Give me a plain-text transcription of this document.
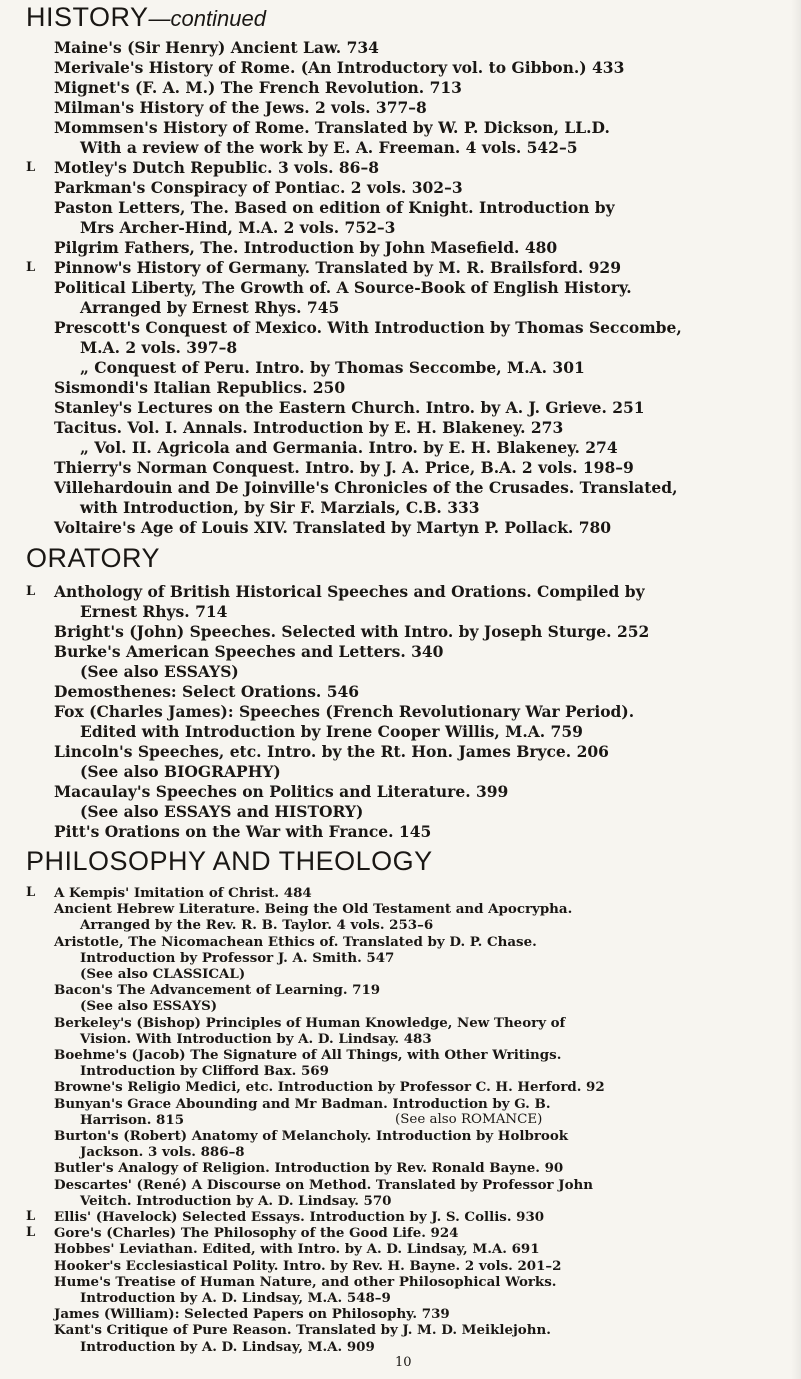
HISTORY—continued
Maine's (Sir Henry) Ancient Law. 734
Merivale's History of Rome. (An Introductory vol. to Gibbon.) 433
Mignet's (F. A. M.) The French Revolution. 713
Milman's History of the Jews. 2 vols. 377–8
Mommsen's History of Rome. Translated by W. P. Dickson, LL.D.
With a review of the work by E. A. Freeman. 4 vols. 542–5
L Motley's Dutch Republic. 3 vols. 86–8
Parkman's Conspiracy of Pontiac. 2 vols. 302–3
Paston Letters, The. Based on edition of Knight. Introduction by
Mrs Archer-Hind, M.A. 2 vols. 752–3
Pilgrim Fathers, The. Introduction by John Masefield. 480
L Pinnow's History of Germany. Translated by M. R. Brailsford. 929
Political Liberty, The Growth of. A Source-Book of English History.
Arranged by Ernest Rhys. 745
Prescott's Conquest of Mexico. With Introduction by Thomas Seccombe,
M.A. 2 vols. 397–8
„ Conquest of Peru. Intro. by Thomas Seccombe, M.A. 301
Sismondi's Italian Republics. 250
Stanley's Lectures on the Eastern Church. Intro. by A. J. Grieve. 251
Tacitus. Vol. I. Annals. Introduction by E. H. Blakeney. 273
„ Vol. II. Agricola and Germania. Intro. by E. H. Blakeney. 274
Thierry's Norman Conquest. Intro. by J. A. Price, B.A. 2 vols. 198–9
Villehardouin and De Joinville's Chronicles of the Crusades. Translated,
with Introduction, by Sir F. Marzials, C.B. 333
Voltaire's Age of Louis XIV. Translated by Martyn P. Pollack. 780
ORATORY
L Anthology of British Historical Speeches and Orations. Compiled by
Ernest Rhys. 714
Bright's (John) Speeches. Selected with Intro. by Joseph Sturge. 252
Burke's American Speeches and Letters. 340
(See also ESSAYS)
Demosthenes: Select Orations. 546
Fox (Charles James): Speeches (French Revolutionary War Period).
Edited with Introduction by Irene Cooper Willis, M.A. 759
Lincoln's Speeches, etc. Intro. by the Rt. Hon. James Bryce. 206
(See also BIOGRAPHY)
Macaulay's Speeches on Politics and Literature. 399
(See also ESSAYS and HISTORY)
Pitt's Orations on the War with France. 145
PHILOSOPHY AND THEOLOGY
A Kempis' Imitation of Christ. 484
L
Ancient Hebrew Literature. Being the Old Testament and Apocrypha.
Arranged by the Rev. R. B. Taylor. 4 vols. 253–6
Aristotle, The Nicomachean Ethics of. Translated by D. P. Chase.
Introduction by Professor J. A. Smith. 547
(See also CLASSICAL)
Bacon's The Advancement of Learning. 719
(See also ESSAYS)
Berkeley's (Bishop) Principles of Human Knowledge, New Theory of
Vision. With Introduction by A. D. Lindsay. 483
Boehme's (Jacob) The Signature of All Things, with Other Writings.
Introduction by Clifford Bax. 569
Browne's Religio Medici, etc. Introduction by Professor C. H. Herford. 92
Bunyan's Grace Abounding and Mr Badman. Introduction by G. B.
Harrison. 815	(See also ROMANCE)
Burton's (Robert) Anatomy of Melancholy. Introduction by Holbrook
Jackson. 3 vols. 886–8
Butler's Analogy of Religion. Introduction by Rev. Ronald Bayne. 90
Descartes' (René) A Discourse on Method. Translated by Professor John
Veitch. Introduction by A. D. Lindsay. 570
Ellis' (Havelock) Selected Essays. Introduction by J. S. Collis. 930
L
Gore's (Charles) The Philosophy of the Good Life. 924
L
Hobbes' Leviathan. Edited, with Intro. by A. D. Lindsay, M.A. 691
Hooker's Ecclesiastical Polity. Intro. by Rev. H. Bayne. 2 vols. 201–2
Hume's Treatise of Human Nature, and other Philosophical Works.
Introduction by A. D. Lindsay, M.A. 548–9
James (William): Selected Papers on Philosophy. 739
Kant's Critique of Pure Reason. Translated by J. M. D. Meiklejohn.
Introduction by A. D. Lindsay, M.A. 909
10
